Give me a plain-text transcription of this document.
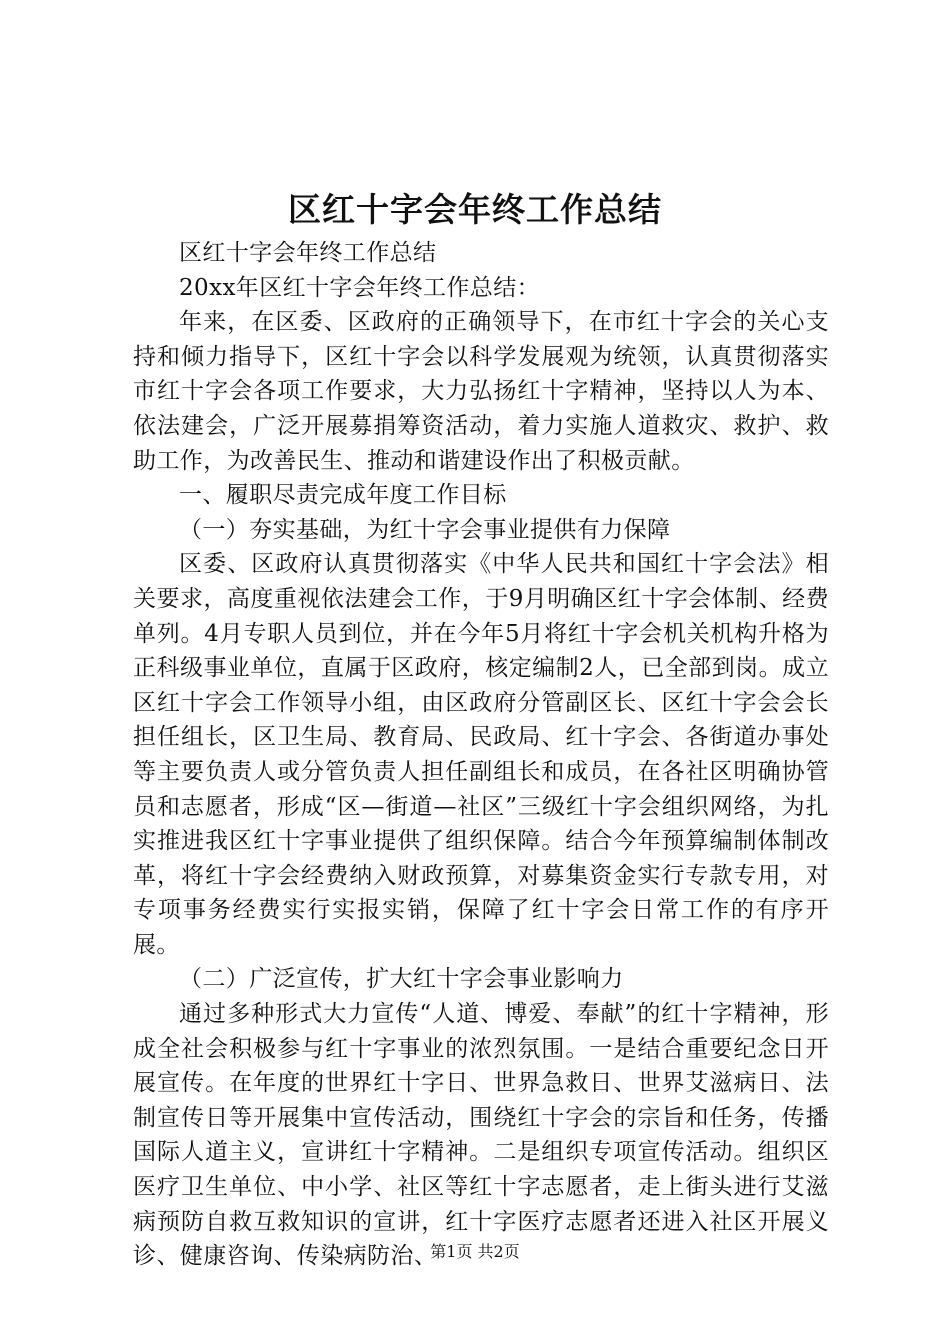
区红十字会年终工作总结

区红十字会年终工作总结

20xx年区红十字会年终工作总结：

年来，在区委、区政府的正确领导下，在市红十字会的关心支持和倾力指导下，区红十字会以科学发展观为统领，认真贯彻落实市红十字会各项工作要求，大力弘扬红十字精神，坚持以人为本、依法建会，广泛开展募捐筹资活动，着力实施人道救灾、救护、救助工作，为改善民生、推动和谐建设作出了积极贡献。

一、履职尽责完成年度工作目标

（一）夯实基础，为红十字会事业提供有力保障

区委、区政府认真贯彻落实《中华人民共和国红十字会法》相关要求，高度重视依法建会工作，于9月明确区红十字会体制、经费单列。4月专职人员到位，并在今年5月将红十字会机关机构升格为正科级事业单位，直属于区政府，核定编制2人，已全部到岗。成立区红十字会工作领导小组，由区政府分管副区长、区红十字会会长担任组长，区卫生局、教育局、民政局、红十字会、各街道办事处等主要负责人或分管负责人担任副组长和成员，在各社区明确协管员和志愿者，形成“区—街道—社区”三级红十字会组织网络，为扎实推进我区红十字事业提供了组织保障。结合今年预算编制体制改革，将红十字会经费纳入财政预算，对募集资金实行专款专用，对专项事务经费实行实报实销，保障了红十字会日常工作的有序开展。

（二）广泛宣传，扩大红十字会事业影响力

通过多种形式大力宣传“人道、博爱、奉献”的红十字精神，形成全社会积极参与红十字事业的浓烈氛围。一是结合重要纪念日开展宣传。在年度的世界红十字日、世界急救日、世界艾滋病日、法制宣传日等开展集中宣传活动，围绕红十字会的宗旨和任务，传播国际人道主义，宣讲红十字精神。二是组织专项宣传活动。组织区医疗卫生单位、中小学、社区等红十字志愿者，走上街头进行艾滋病预防自救互救知识的宣讲，红十字医疗志愿者还进入社区开展义诊、健康咨询、传染病防治、

第1页 共2页
